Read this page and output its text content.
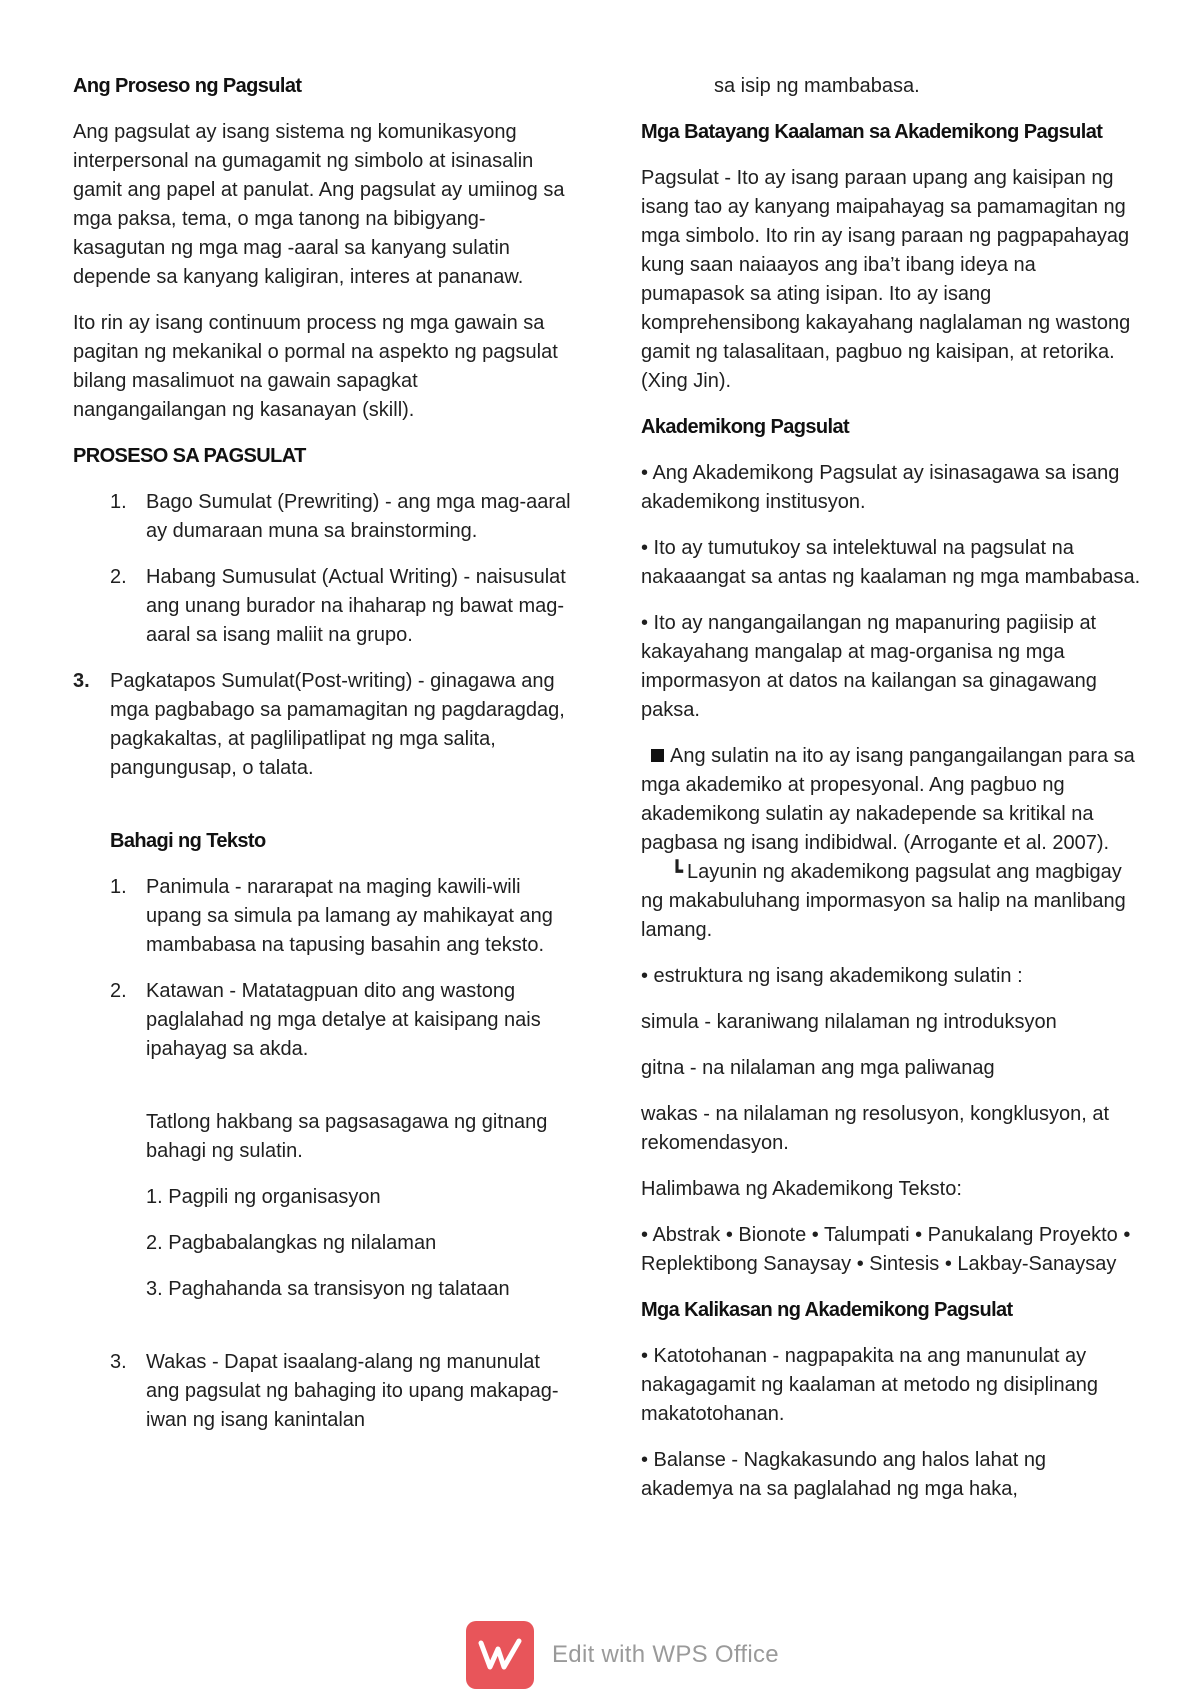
Ang Proseso ng Pagsulat

Ang pagsulat ay isang sistema ng komunikasyong interpersonal na gumagamit ng simbolo at isinasalin gamit ang papel at panulat. Ang pagsulat ay umiinog sa mga paksa, tema, o mga tanong na bibigyang-kasagutan ng mga mag -aaral sa kanyang sulatin depende sa kanyang kaligiran, interes at pananaw.

Ito rin ay isang continuum process ng mga gawain sa pagitan ng mekanikal o pormal na aspekto ng pagsulat bilang masalimuot na gawain sapagkat nangangailangan ng kasanayan (skill).

PROSESO SA PAGSULAT

1. Bago Sumulat (Prewriting) - ang mga mag-aaral ay dumaraan muna sa brainstorming.
2. Habang Sumusulat (Actual Writing) - naisusulat ang unang burador na ihaharap ng bawat mag-aaral sa isang maliit na grupo.
3. Pagkatapos Sumulat(Post-writing) - ginagawa ang mga pagbabago sa pamamagitan ng pagdaragdag, pagkakaltas, at paglilipatlipat ng mga salita, pangungusap, o talata.

Bahagi ng Teksto

1. Panimula - nararapat na maging kawili-wili upang sa simula pa lamang ay mahikayat ang mambabasa na tapusing basahin ang teksto.
2. Katawan - Matatagpuan dito ang wastong paglalahad ng mga detalye at kaisipang nais ipahayag sa akda.

Tatlong hakbang sa pagsasagawa ng gitnang bahagi ng sulatin.

1. Pagpili ng organisasyon

2. Pagbabalangkas ng nilalaman

3. Paghahanda sa transisyon ng talataan

3. Wakas - Dapat isaalang-alang ng manunulat ang pagsulat ng bahaging ito upang makapag-iwan ng isang kanintalan

sa isip ng mambabasa.

Mga Batayang Kaalaman sa Akademikong Pagsulat

Pagsulat - Ito ay isang paraan upang ang kaisipan ng isang tao ay kanyang maipahayag sa pamamagitan ng mga simbolo. Ito rin ay isang paraan ng pagpapahayag kung saan naiaayos ang iba’t ibang ideya na pumapasok sa ating isipan. Ito ay isang komprehensibong kakayahang naglalaman ng wastong gamit ng talasalitaan, pagbuo ng kaisipan, at retorika. (Xing Jin).

Akademikong Pagsulat

• Ang Akademikong Pagsulat ay isinasagawa sa isang akademikong institusyon.

• Ito ay tumutukoy sa intelektuwal na pagsulat na nakaaangat sa antas ng kaalaman ng mga mambabasa.

• Ito ay nangangailangan ng mapanuring pagiisip at kakayahang mangalap at mag-organisa ng mga impormasyon at datos na kailangan sa ginagawang paksa.

Ang sulatin na ito ay isang pangangailangan para sa mga akademiko at propesyonal. Ang pagbuo ng akademikong sulatin ay nakadepende sa kritikal na pagbasa ng isang indibidwal. (Arrogante et al. 2007).┗ Layunin ng akademikong pagsulat ang magbigay ng makabuluhang impormasyon sa halip na manlibang lamang.

• estruktura ng isang akademikong sulatin :

simula - karaniwang nilalaman ng introduksyon

gitna - na nilalaman ang mga paliwanag

wakas - na nilalaman ng resolusyon, kongklusyon, at rekomendasyon.

Halimbawa ng Akademikong Teksto:

• Abstrak • Bionote • Talumpati • Panukalang Proyekto • Replektibong Sanaysay • Sintesis • Lakbay-Sanaysay

Mga Kalikasan ng Akademikong Pagsulat

• Katotohanan - nagpapakita na ang manunulat ay nakagagamit ng kaalaman at metodo ng disiplinang makatotohanan.

• Balanse - Nagkakasundo ang halos lahat ng akademya na sa paglalahad ng mga haka,

Edit with WPS Office
